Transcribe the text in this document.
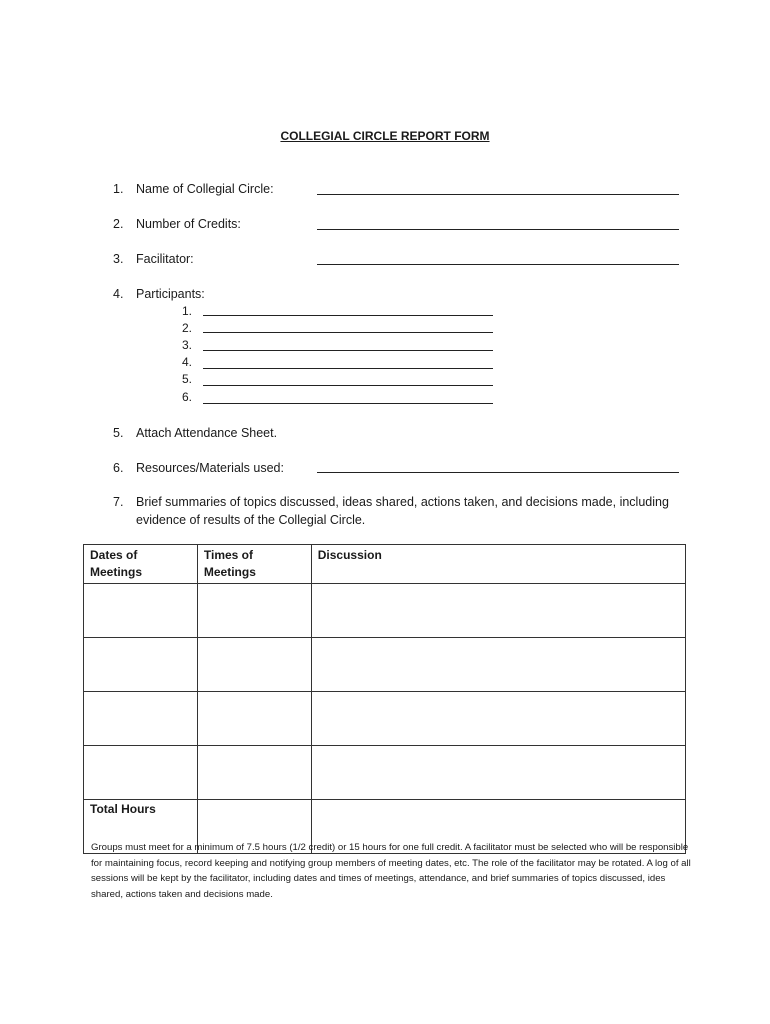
COLLEGIAL CIRCLE REPORT FORM
1.	Name of Collegial Circle:
2.	Number of Credits:
3.	Facilitator:
4.	Participants:
1.
2.
3.
4.
5.
6.
5.	Attach Attendance Sheet.
6.	Resources/Materials used:
7.	Brief summaries of topics discussed, ideas shared, actions taken, and decisions made, including evidence of results of the Collegial Circle.
Dates of Meetings	Times of Meetings	Discussion

Total Hours		
Groups must meet for a minimum of 7.5 hours (1/2 credit) or 15 hours for one full credit. A facilitator must be selected who will be responsible for maintaining focus, record keeping and notifying group members of meeting dates, etc. The role of the facilitator may be rotated. A log of all sessions will be kept by the facilitator, including dates and times of meetings, attendance, and brief summaries of topics discussed, ides shared, actions taken and decisions made.
